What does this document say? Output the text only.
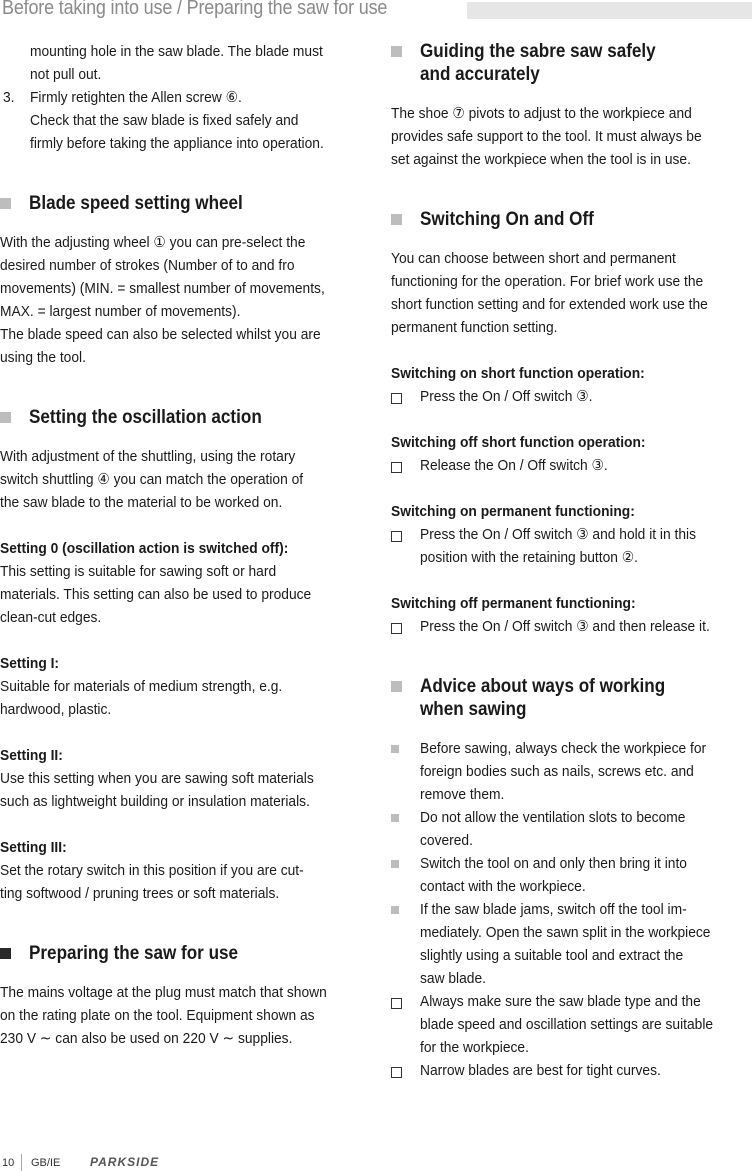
Before taking into use / Preparing the saw for use

mounting hole in the saw blade. The blade must

not pull out.

3.	Firmly retighten the Allen screw ⑥.

Check that the saw blade is fixed safely and

firmly before taking the appliance into operation.

Blade speed setting wheel

With the adjusting wheel ① you can pre-select the

desired number of strokes (Number of to and fro

movements) (MIN. = smallest number of movements,

MAX. = largest number of movements).

The blade speed can also be selected whilst you are

using the tool.

Setting the oscillation action

With adjustment of the shuttling, using the rotary

switch shuttling ④ you can match the operation of

the saw blade to the material to be worked on.

Setting 0 (oscillation action is switched off):

This setting is suitable for sawing soft or hard

materials. This setting can also be used to produce

clean-cut edges.

Setting I:

Suitable for materials of medium strength, e.g.

hardwood, plastic.

Setting II:

Use this setting when you are sawing soft materials

such as lightweight building or insulation materials.

Setting III:

Set the rotary switch in this position if you are cut-

ting softwood / pruning trees or soft materials.

Preparing the saw for use

The mains voltage at the plug must match that shown

on the rating plate on the tool. Equipment shown as

230 V ∼ can also be used on 220 V ∼ supplies.

Guiding the sabre saw safely
and accurately

The shoe ⑦ pivots to adjust to the workpiece and

provides safe support to the tool. It must always be

set against the workpiece when the tool is in use.

Switching On and Off

You can choose between short and permanent

functioning for the operation. For brief work use the

short function setting and for extended work use the

permanent function setting.

Switching on short function operation:

Press the On / Off switch ③.

Switching off short function operation:

Release the On / Off switch ③.

Switching on permanent functioning:

Press the On / Off switch ③ and hold it in this

position with the retaining button ②.

Switching off permanent functioning:

Press the On / Off switch ③ and then release it.

Advice about ways of working
when sawing

Before sawing, always check the workpiece for

foreign bodies such as nails, screws etc. and

remove them.

Do not allow the ventilation slots to become

covered.

Switch the tool on and only then bring it into

contact with the workpiece.

If the saw blade jams, switch off the tool im-

mediately. Open the sawn split in the workpiece

slightly using a suitable tool and extract the

saw blade.

Always make sure the saw blade type and the

blade speed and oscillation settings are suitable

for the workpiece.

Narrow blades are best for tight curves.

10 GB/IE PARKSIDE
